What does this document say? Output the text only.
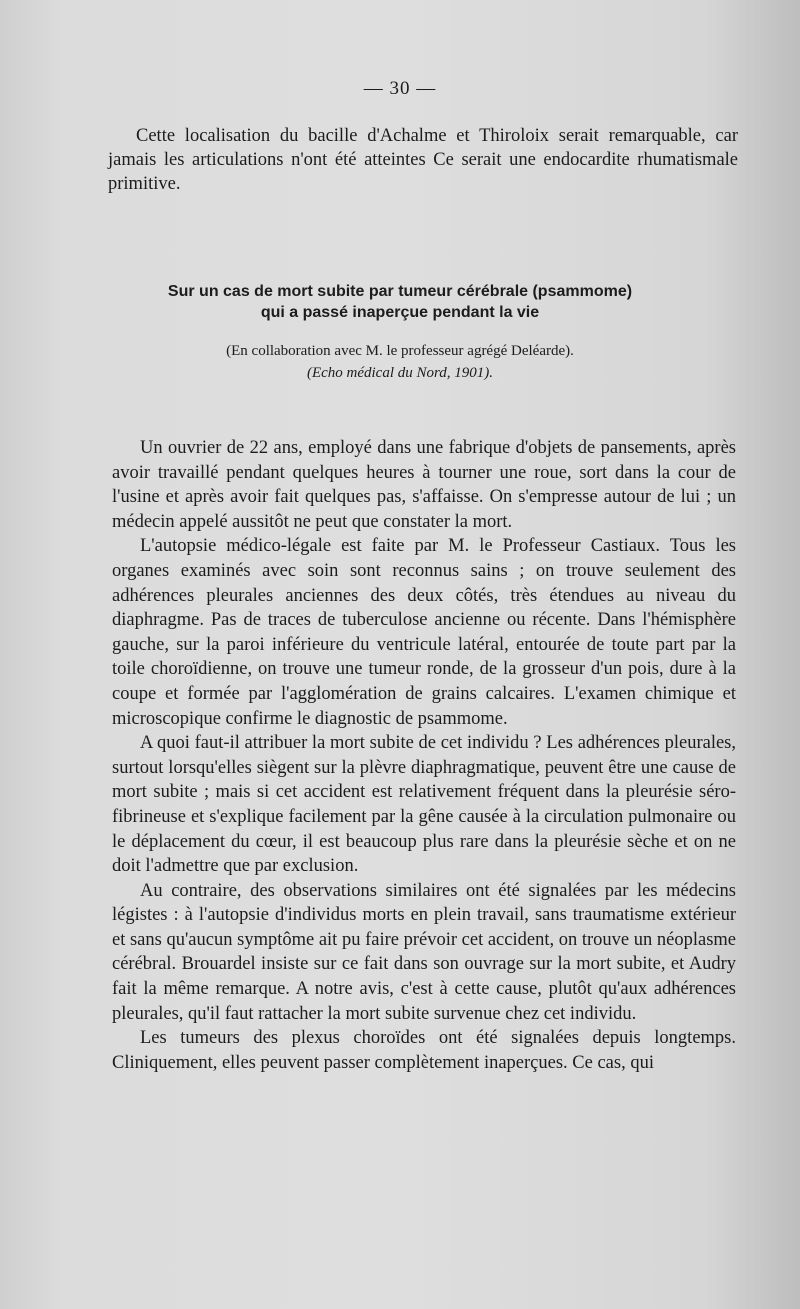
— 30 —

Cette localisation du bacille d'Achalme et Thiroloix serait remarquable, car jamais les articulations n'ont été atteintes Ce serait une endocardite rhumatismale primitive.

Sur un cas de mort subite par tumeur cérébrale (psammome)
qui a passé inaperçue pendant la vie
(En collaboration avec M. le professeur agrégé Deléarde).
(Echo médical du Nord, 1901).

Un ouvrier de 22 ans, employé dans une fabrique d'objets de pansements, après avoir travaillé pendant quelques heures à tourner une roue, sort dans la cour de l'usine et après avoir fait quelques pas, s'affaisse. On s'empresse autour de lui ; un médecin appelé aussitôt ne peut que constater la mort.

L'autopsie médico-légale est faite par M. le Professeur Castiaux. Tous les organes examinés avec soin sont reconnus sains ; on trouve seulement des adhérences pleurales anciennes des deux côtés, très étendues au niveau du diaphragme. Pas de traces de tuberculose ancienne ou récente. Dans l'hémisphère gauche, sur la paroi inférieure du ventricule latéral, entourée de toute part par la toile choroïdienne, on trouve une tumeur ronde, de la grosseur d'un pois, dure à la coupe et formée par l'agglomération de grains calcaires. L'examen chimique et microscopique confirme le diagnostic de psammome.

A quoi faut-il attribuer la mort subite de cet individu ? Les adhérences pleurales, surtout lorsqu'elles siègent sur la plèvre diaphragmatique, peuvent être une cause de mort subite ; mais si cet accident est relativement fréquent dans la pleurésie séro-fibrineuse et s'explique facilement par la gêne causée à la circulation pulmonaire ou le déplacement du cœur, il est beaucoup plus rare dans la pleurésie sèche et on ne doit l'admettre que par exclusion.

Au contraire, des observations similaires ont été signalées par les médecins légistes : à l'autopsie d'individus morts en plein travail, sans traumatisme extérieur et sans qu'aucun symptôme ait pu faire prévoir cet accident, on trouve un néoplasme cérébral. Brouardel insiste sur ce fait dans son ouvrage sur la mort subite, et Audry fait la même remarque. A notre avis, c'est à cette cause, plutôt qu'aux adhérences pleurales, qu'il faut rattacher la mort subite survenue chez cet individu.

Les tumeurs des plexus choroïdes ont été signalées depuis longtemps. Cliniquement, elles peuvent passer complètement inaperçues. Ce cas, qui
